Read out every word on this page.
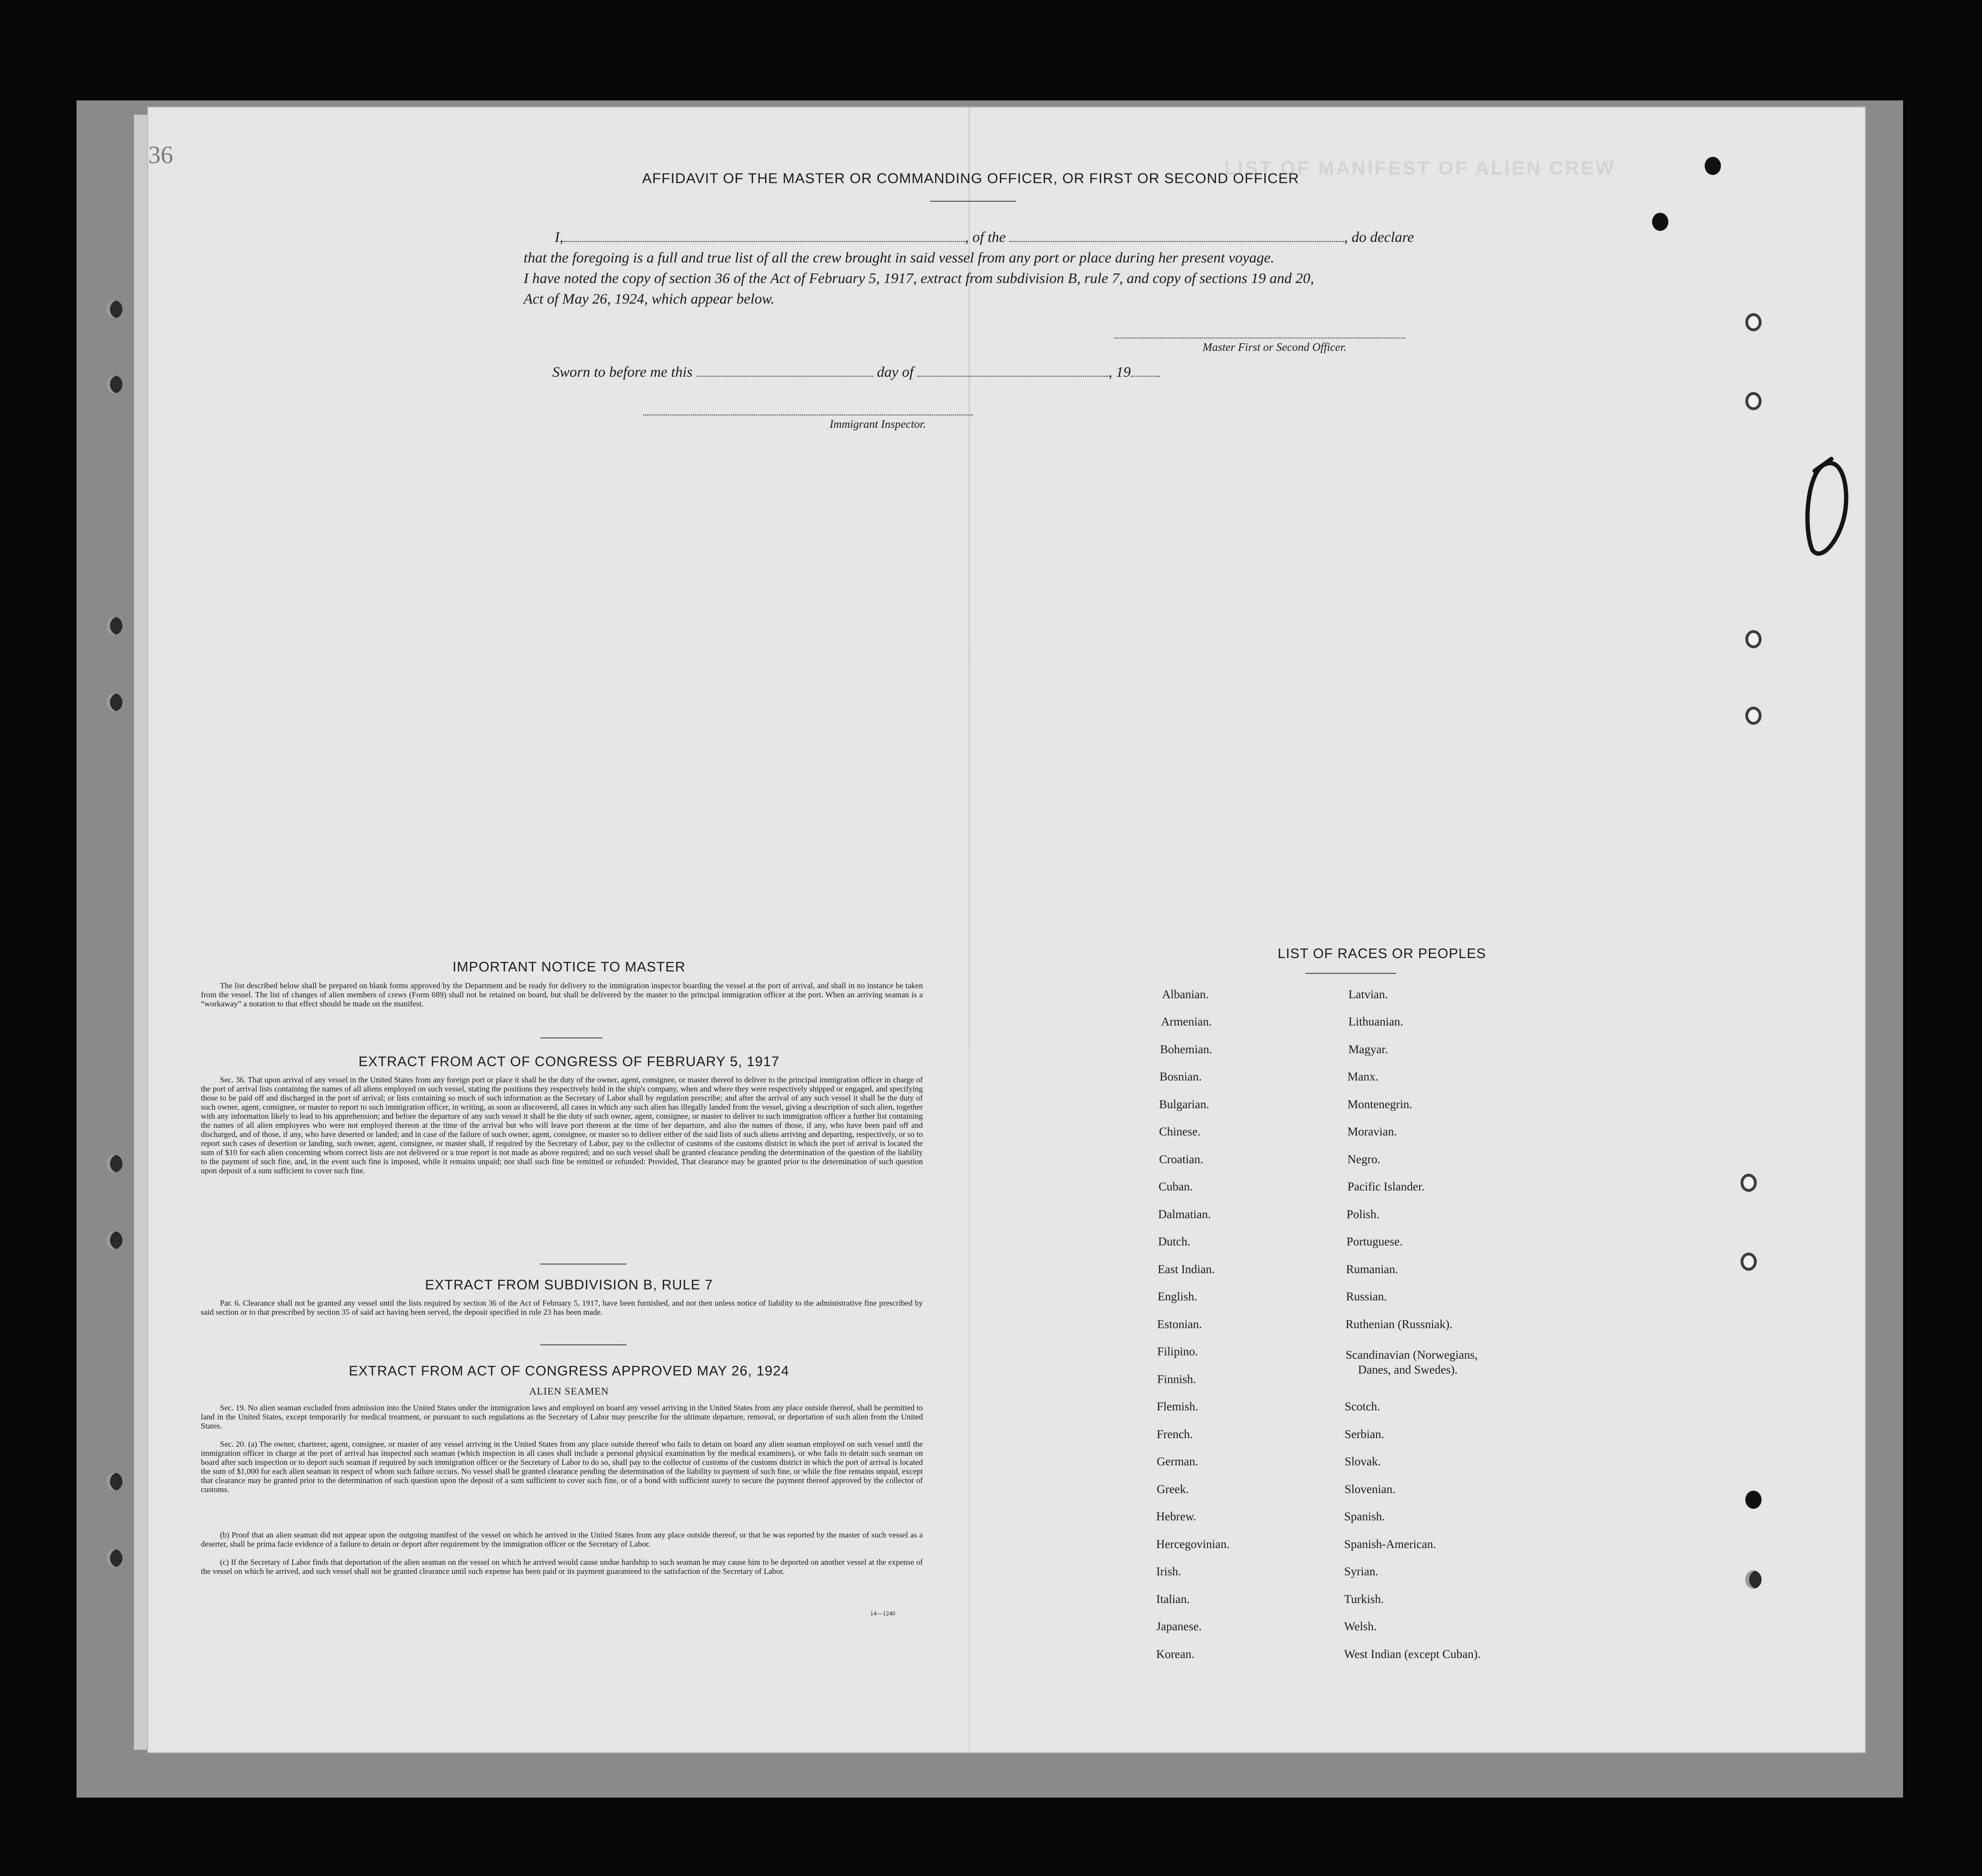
LIST OF MANIFEST OF ALIEN CREW
36
AFFIDAVIT OF THE MASTER OR COMMANDING OFFICER, OR FIRST OR SECOND OFFICER
I,	, of the	, do declare
that the foregoing is a full and true list of all the crew brought in said vessel from any port or place during her present voyage.
I have noted the copy of section 36 of the Act of February 5, 1917, extract from subdivision B, rule 7, and copy of sections 19 and 20,
Act of May 26, 1924, which appear below.
Master First or Second Officer.
Sworn to before me this	day of	, 19
Immigrant Inspector.
IMPORTANT NOTICE TO MASTER
The list described below shall be prepared on blank forms approved by the Department and be ready for delivery to the immigration inspector boarding the vessel at the port of arrival, and shall in no instance be taken from the vessel. The list of changes of alien members of crews (Form 689) shall not be retained on board, but shall be delivered by the master to the principal immigration officer at the port. When an arriving seaman is a “workaway” a notation to that effect should be made on the manifest.
EXTRACT FROM ACT OF CONGRESS OF FEBRUARY 5, 1917
Sec. 36. That upon arrival of any vessel in the United States from any foreign port or place it shall be the duty of the owner, agent, consignee, or master thereof to deliver to the principal immigration officer in charge of the port of arrival lists containing the names of all aliens employed on such vessel, stating the positions they respectively hold in the ship's company, when and where they were respectively shipped or engaged, and specifying those to be paid off and discharged in the port of arrival; or lists containing so much of such information as the Secretary of Labor shall by regulation prescribe; and after the arrival of any such vessel it shall be the duty of such owner, agent, consignee, or master to report to such immigration officer, in writing, as soon as discovered, all cases in which any such alien has illegally landed from the vessel, giving a description of such alien, together with any information likely to lead to his apprehension; and before the departure of any such vessel it shall be the duty of such owner, agent, consignee, or master to deliver to such immigration officer a further list containing the names of all alien employees who were not employed thereon at the time of the arrival but who will leave port thereon at the time of her departure, and also the names of those, if any, who have been paid off and discharged, and of those, if any, who have deserted or landed; and in case of the failure of such owner, agent, consignee, or master so to deliver either of the said lists of such aliens arriving and departing, respectively, or so to report such cases of desertion or landing, such owner, agent, consignee, or master shall, if required by the Secretary of Labor, pay to the collector of customs of the customs district in which the port of arrival is located the sum of $10 for each alien concerning whom correct lists are not delivered or a true report is not made as above required; and no such vessel shall be granted clearance pending the determination of the question of the liability to the payment of such fine, and, in the event such fine is imposed, while it remains unpaid; nor shall such fine be remitted or refunded: Provided, That clearance may be granted prior to the determination of such question upon deposit of a sum sufficient to cover such fine.
EXTRACT FROM SUBDIVISION B, RULE 7
Par. 6. Clearance shall not be granted any vessel until the lists required by section 36 of the Act of February 5, 1917, have been furnished, and not then unless notice of liability to the administrative fine prescribed by said section or to that prescribed by section 35 of said act having been served, the deposit specified in rule 23 has been made.
EXTRACT FROM ACT OF CONGRESS APPROVED MAY 26, 1924
ALIEN SEAMEN
Sec. 19. No alien seaman excluded from admission into the United States under the immigration laws and employed on board any vessel arriving in the United States from any place outside thereof, shall be permitted to land in the United States, except temporarily for medical treatment, or pursuant to such regulations as the Secretary of Labor may prescribe for the ultimate departure, removal, or deportation of such alien from the United States.
Sec. 20. (a) The owner, charterer, agent, consignee, or master of any vessel arriving in the United States from any place outside thereof who fails to detain on board any alien seaman employed on such vessel until the immigration officer in charge at the port of arrival has inspected such seaman (which inspection in all cases shall include a personal physical examination by the medical examiners), or who fails to detain such seaman on board after such inspection or to deport such seaman if required by such immigration officer or the Secretary of Labor to do so, shall pay to the collector of customs of the customs district in which the port of arrival is located the sum of $1,000 for each alien seaman in respect of whom such failure occurs. No vessel shall be granted clearance pending the determination of the liability to payment of such fine, or while the fine remains unpaid, except that clearance may be granted prior to the determination of such question upon the deposit of a sum sufficient to cover such fine, or of a bond with sufficient surety to secure the payment thereof approved by the collector of customs.
(b) Proof that an alien seaman did not appear upon the outgoing manifest of the vessel on which he arrived in the United States from any place outside thereof, or that he was reported by the master of such vessel as a deserter, shall be prima facie evidence of a failure to detain or deport after requirement by the immigration officer or the Secretary of Labor.
(c) If the Secretary of Labor finds that deportation of the alien seaman on the vessel on which he arrived would cause undue hardship to such seaman he may cause him to be deported on another vessel at the expense of the vessel on which he arrived, and such vessel shall not be granted clearance until such expense has been paid or its payment guaranteed to the satisfaction of the Secretary of Labor.
14—1240
LIST OF RACES OR PEOPLES
Albanian.
Armenian.
Bohemian.
Bosnian.
Bulgarian.
Chinese.
Croatian.
Cuban.
Dalmatian.
Dutch.
East Indian.
English.
Estonian.
Filipino.
Finnish.
Flemish.
French.
German.
Greek.
Hebrew.
Hercegovinian.
Irish.
Italian.
Japanese.
Korean.
Latvian.
Lithuanian.
Magyar.
Manx.
Montenegrin.
Moravian.
Negro.
Pacific Islander.
Polish.
Portuguese.
Rumanian.
Russian.
Ruthenian (Russniak).
Scandinavian (Norwegians,
Danes, and Swedes).
Scotch.
Serbian.
Slovak.
Slovenian.
Spanish.
Spanish-American.
Syrian.
Turkish.
Welsh.
West Indian (except Cuban).
